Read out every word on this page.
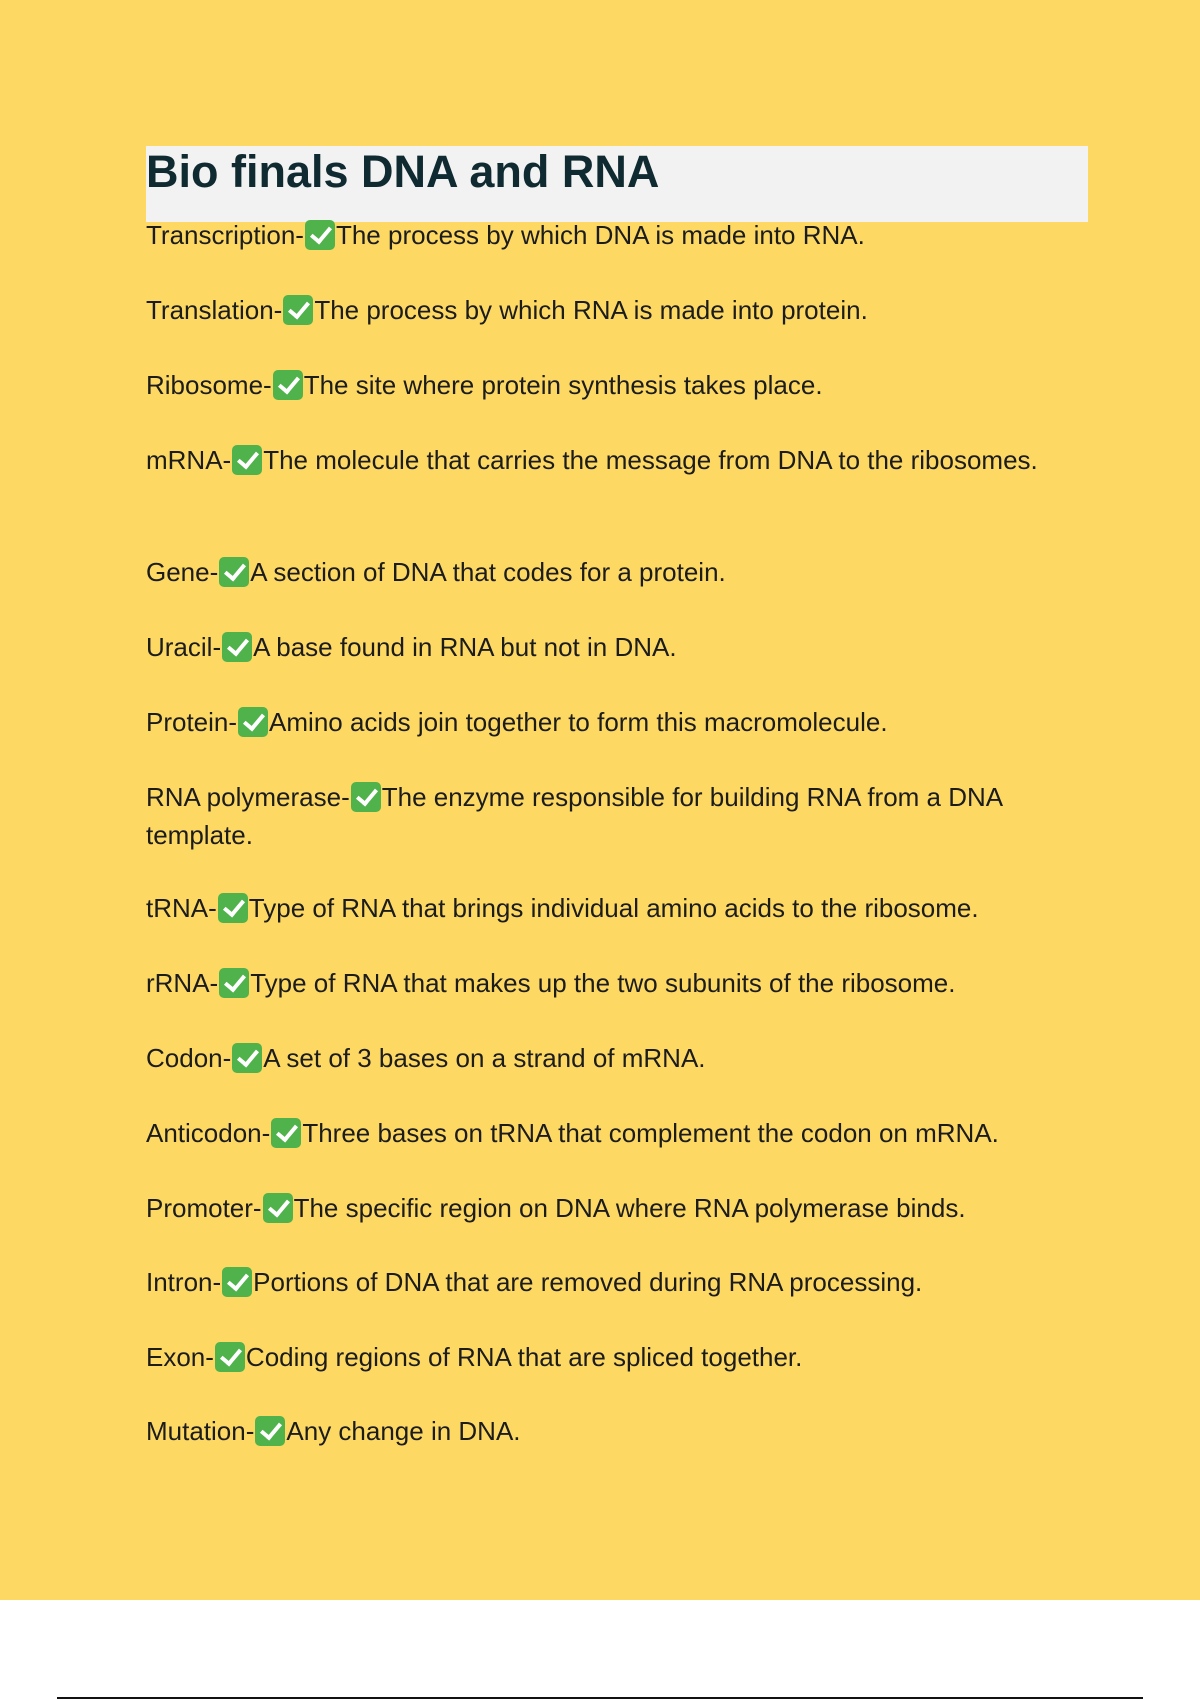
Bio finals DNA and RNA
Transcription- The process by which DNA is made into RNA.
Translation- The process by which RNA is made into protein.
Ribosome- The site where protein synthesis takes place.
mRNA- The molecule that carries the message from DNA to the ribosomes.
Gene- A section of DNA that codes for a protein.
Uracil- A base found in RNA but not in DNA.
Protein- Amino acids join together to form this macromolecule.
RNA polymerase- The enzyme responsible for building RNA from a DNA template.
tRNA- Type of RNA that brings individual amino acids to the ribosome.
rRNA- Type of RNA that makes up the two subunits of the ribosome.
Codon- A set of 3 bases on a strand of mRNA.
Anticodon- Three bases on tRNA that complement the codon on mRNA.
Promoter- The specific region on DNA where RNA polymerase binds.
Intron- Portions of DNA that are removed during RNA processing.
Exon- Coding regions of RNA that are spliced together.
Mutation- Any change in DNA.
